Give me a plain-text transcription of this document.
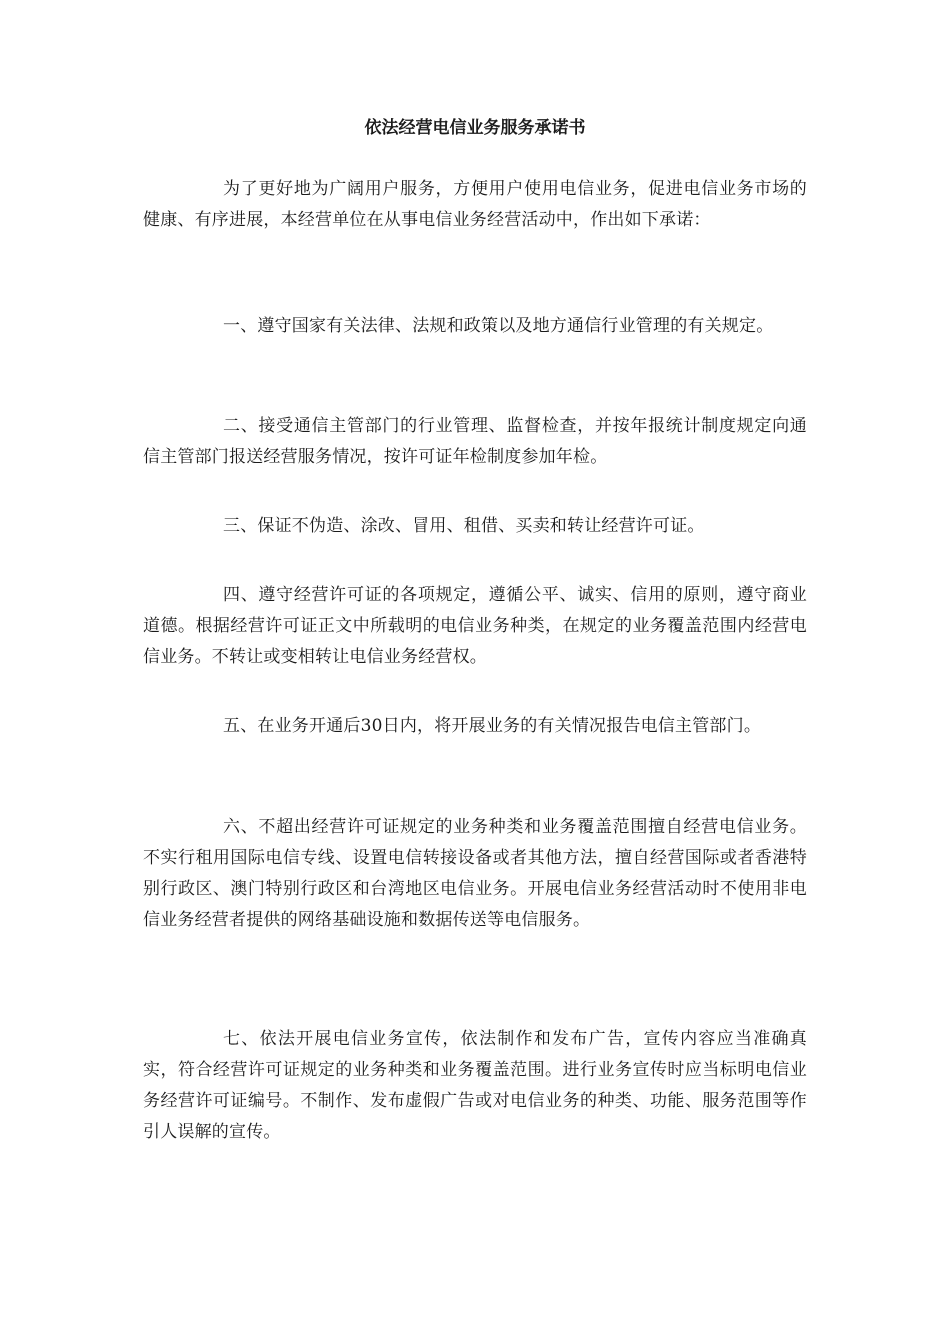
依法经营电信业务服务承诺书

为了更好地为广阔用户服务，方便用户使用电信业务，促进电信业务市场的健康、有序进展，本经营单位在从事电信业务经营活动中，作出如下承诺：

一、遵守国家有关法律、法规和政策以及地方通信行业管理的有关规定。

二、接受通信主管部门的行业管理、监督检查，并按年报统计制度规定向通信主管部门报送经营服务情况，按许可证年检制度参加年检。

三、保证不伪造、涂改、冒用、租借、买卖和转让经营许可证。

四、遵守经营许可证的各项规定，遵循公平、诚实、信用的原则，遵守商业道德。根据经营许可证正文中所载明的电信业务种类，在规定的业务覆盖范围内经营电信业务。不转让或变相转让电信业务经营权。

五、在业务开通后30日内，将开展业务的有关情况报告电信主管部门。

六、不超出经营许可证规定的业务种类和业务覆盖范围擅自经营电信业务。不实行租用国际电信专线、设置电信转接设备或者其他方法，擅自经营国际或者香港特别行政区、澳门特别行政区和台湾地区电信业务。开展电信业务经营活动时不使用非电信业务经营者提供的网络基础设施和数据传送等电信服务。

七、依法开展电信业务宣传，依法制作和发布广告，宣传内容应当准确真实，符合经营许可证规定的业务种类和业务覆盖范围。进行业务宣传时应当标明电信业务经营许可证编号。不制作、发布虚假广告或对电信业务的种类、功能、服务范围等作引人误解的宣传。
